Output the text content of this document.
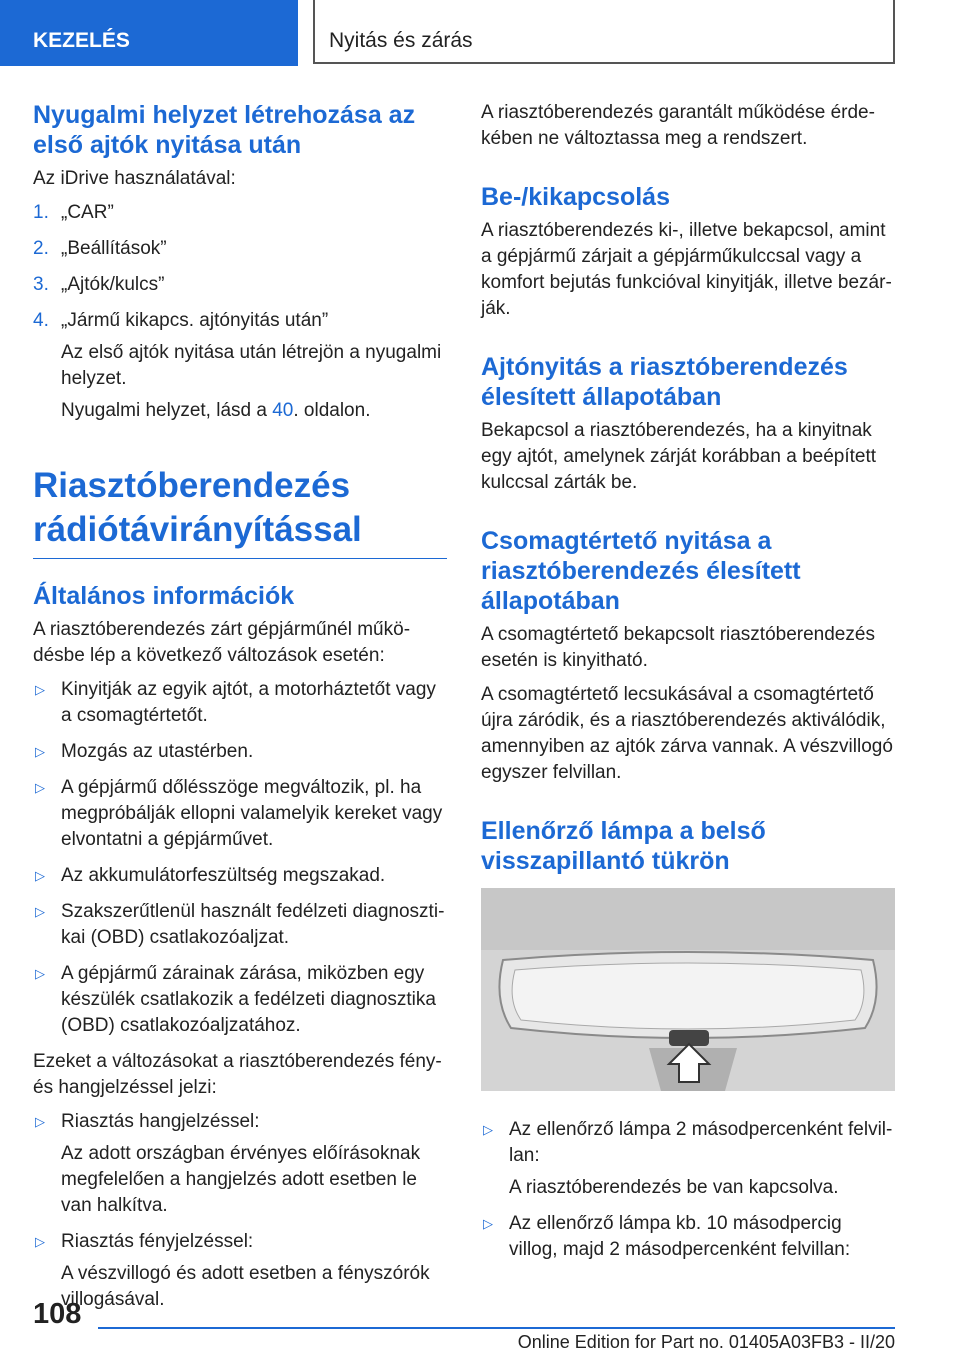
KEZELÉS	Nyitás és zárás
Nyugalmi helyzet létrehozása az első ajtók nyitása után

Az iDrive használatával:

1. „CAR”
2. „Beállítások”
3. „Ajtók/kulcs”
4. „Jármű kikapcs. ajtónyitás után”

Az első ajtók nyitása után létrejön a nyugalmi helyzet.

Nyugalmi helyzet, lásd a 40. oldalon.

Riasztóberendezés rádiótávirányítással
Általános információk

A riasztóberendezés zárt gépjárműnél működésbe lép a következő változások esetén:

▷ Kinyitják az egyik ajtót, a motorháztetőt vagy a csomagtértetőt.
▷ Mozgás az utastérben.
▷ A gépjármű dőlésszöge megváltozik, pl. ha megpróbálják ellopni valamelyik kereket vagy elvontatni a gépjárművet.
▷ Az akkumulátorfeszültség megszakad.
▷ Szakszerűtlenül használt fedélzeti diagnosztikai (OBD) csatlakozóaljzat.
▷ A gépjármű zárainak zárása, miközben egy készülék csatlakozik a fedélzeti diagnosztika (OBD) csatlakozóaljzatához.

Ezeket a változásokat a riasztóberendezés fény- és hangjelzéssel jelzi:

▷ Riasztás hangjelzéssel:

Az adott országban érvényes előírásoknak megfelelően a hangjelzés adott esetben le van halkítva.

▷ Riasztás fényjelzéssel:

A vészvillogó és adott esetben a fényszórók villogásával.

A riasztóberendezés garantált működése érdekében ne változtassa meg a rendszert.

Be-/kikapcsolás

A riasztóberendezés ki-, illetve bekapcsol, amint a gépjármű zárjait a gépjárműkulccsal vagy a komfort bejutás funkcióval kinyitják, illetve bezárják.

Ajtónyitás a riasztóberendezés élesített állapotában

Bekapcsol a riasztóberendezés, ha a kinyitnak egy ajtót, amelynek zárját korábban a beépített kulccsal zárták be.

Csomagtértető nyitása a riasztóberendezés élesített állapotában

A csomagtértető bekapcsolt riasztóberendezés esetén is kinyitható.

A csomagtértető lecsukásával a csomagtértető újra záródik, és a riasztóberendezés aktiválódik, amennyiben az ajtók zárva vannak. A vészvillogó egyszer felvillan.

Ellenőrző lámpa a belső visszapillantó tükrön
▷ Az ellenőrző lámpa 2 másodpercenként felvillan:

A riasztóberendezés be van kapcsolva.

▷ Az ellenőrző lámpa kb. 10 másodpercig villog, majd 2 másodpercenként felvillan:
108
Online Edition for Part no. 01405A03FB3 - II/20
